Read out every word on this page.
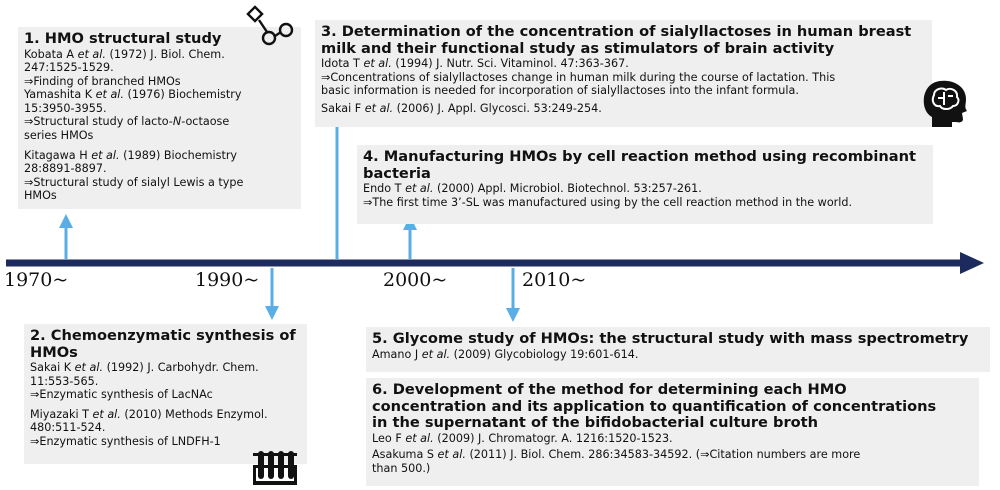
1970~	1990~	2000~	2010~
1. HMO structural study

Kobata A et al. (1972) J. Biol. Chem.
247:1525-1529.
⇒Finding of branched HMOs
Yamashita K et al. (1976) Biochemistry
15:3950-3955.
⇒Structural study of lacto-N-octaose
series HMOs

Kitagawa H et al. (1989) Biochemistry
28:8891-8897.
⇒Structural study of sialyl Lewis a type
HMOs

2. Chemoenzymatic synthesis of
HMOs

Sakai K et al. (1992) J. Carbohydr. Chem.
11:553-565.
⇒Enzymatic synthesis of LacNAc

Miyazaki T et al. (2010) Methods Enzymol.
480:511-524.
⇒Enzymatic synthesis of LNDFH-1

3. Determination of the concentration of sialyllactoses in human breast
milk and their functional study as stimulators of brain activity

Idota T et al. (1994) J. Nutr. Sci. Vitaminol. 47:363-367.
⇒Concentrations of sialyllactoses change in human milk during the course of lactation. This
basic information is needed for incorporation of sialyllactoses into the infant formula.

Sakai F et al. (2006) J. Appl. Glycosci. 53:249-254.

4. Manufacturing HMOs by cell reaction method using recombinant
bacteria

Endo T et al. (2000) Appl. Microbiol. Biotechnol. 53:257-261.
⇒The first time 3’-SL was manufactured using by the cell reaction method in the world.

5. Glycome study of HMOs: the structural study with mass spectrometry

Amano J et al. (2009) Glycobiology 19:601-614.

6. Development of the method for determining each HMO
concentration and its application to quantification of concentrations
in the supernatant of the bifidobacterial culture broth

Leo F et al. (2009) J. Chromatogr. A. 1216:1520-1523.

Asakuma S et al. (2011) J. Biol. Chem. 286:34583-34592. (⇒Citation numbers are more
than 500.)
